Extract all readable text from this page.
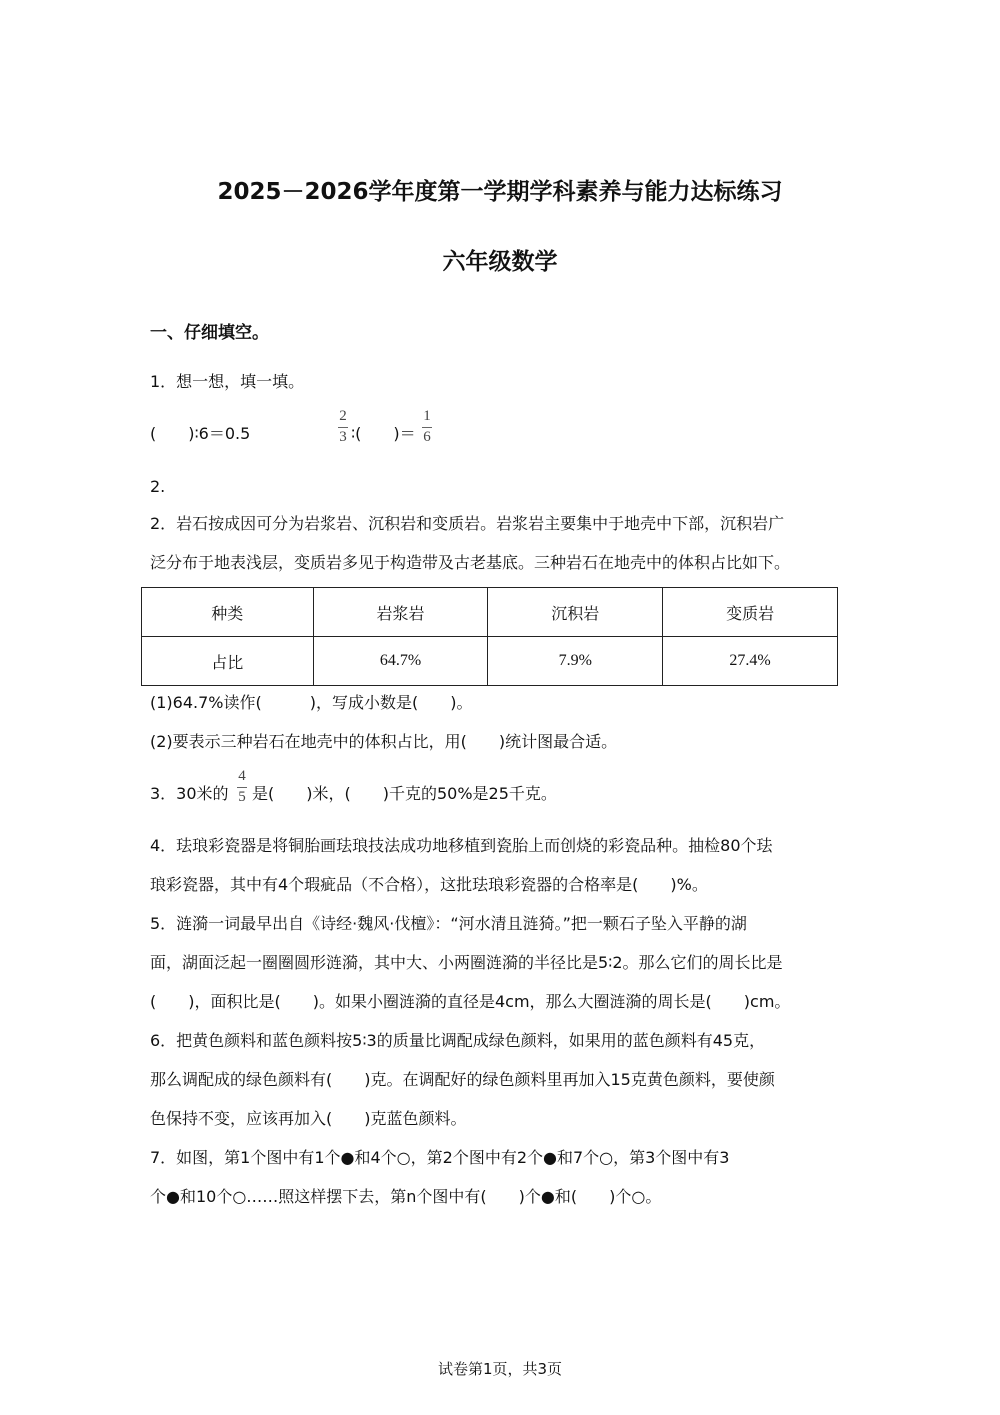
2025－2026学年度第一学期学科素养与能力达标练习
六年级数学
一、仔细填空。
1．想一想，填一填。
(　　)∶6＝0.5
2
3 ∶(　　)＝
1
6
2.
2．岩石按成因可分为岩浆岩、沉积岩和变质岩。岩浆岩主要集中于地壳中下部，沉积岩广
泛分布于地表浅层，变质岩多见于构造带及古老基底。三种岩石在地壳中的体积占比如下。
种类	岩浆岩	沉积岩	变质岩
占比	64.7%	7.9%	27.4%
(1)64.7%读作(　　　)，写成小数是(　　)。
(2)要表示三种岩石在地壳中的体积占比，用(　　)统计图最合适。
3．30米的
4
5 是(　　)米，(　　)千克的50%是25千克。
4．珐琅彩瓷器是将铜胎画珐琅技法成功地移植到瓷胎上而创烧的彩瓷品种。抽检80个珐
琅彩瓷器，其中有4个瑕疵品（不合格），这批珐琅彩瓷器的合格率是(　　)%。
5．涟漪一词最早出自《诗经·魏风·伐檀》：“河水清且涟猗。”把一颗石子坠入平静的湖
面，湖面泛起一圈圈圆形涟漪，其中大、小两圈涟漪的半径比是5∶2。那么它们的周长比是
(　　)，面积比是(　　)。如果小圈涟漪的直径是4cm，那么大圈涟漪的周长是(　　)cm。
6．把黄色颜料和蓝色颜料按5∶3的质量比调配成绿色颜料，如果用的蓝色颜料有45克，
那么调配成的绿色颜料有(　　)克。在调配好的绿色颜料里再加入15克黄色颜料，要使颜
色保持不变，应该再加入(　　)克蓝色颜料。
7．如图，第1个图中有1个●和4个○，第2个图中有2个●和7个○，第3个图中有3
个●和10个○……照这样摆下去，第n个图中有(　　)个●和(　　)个○。
试卷第1页，共3页
